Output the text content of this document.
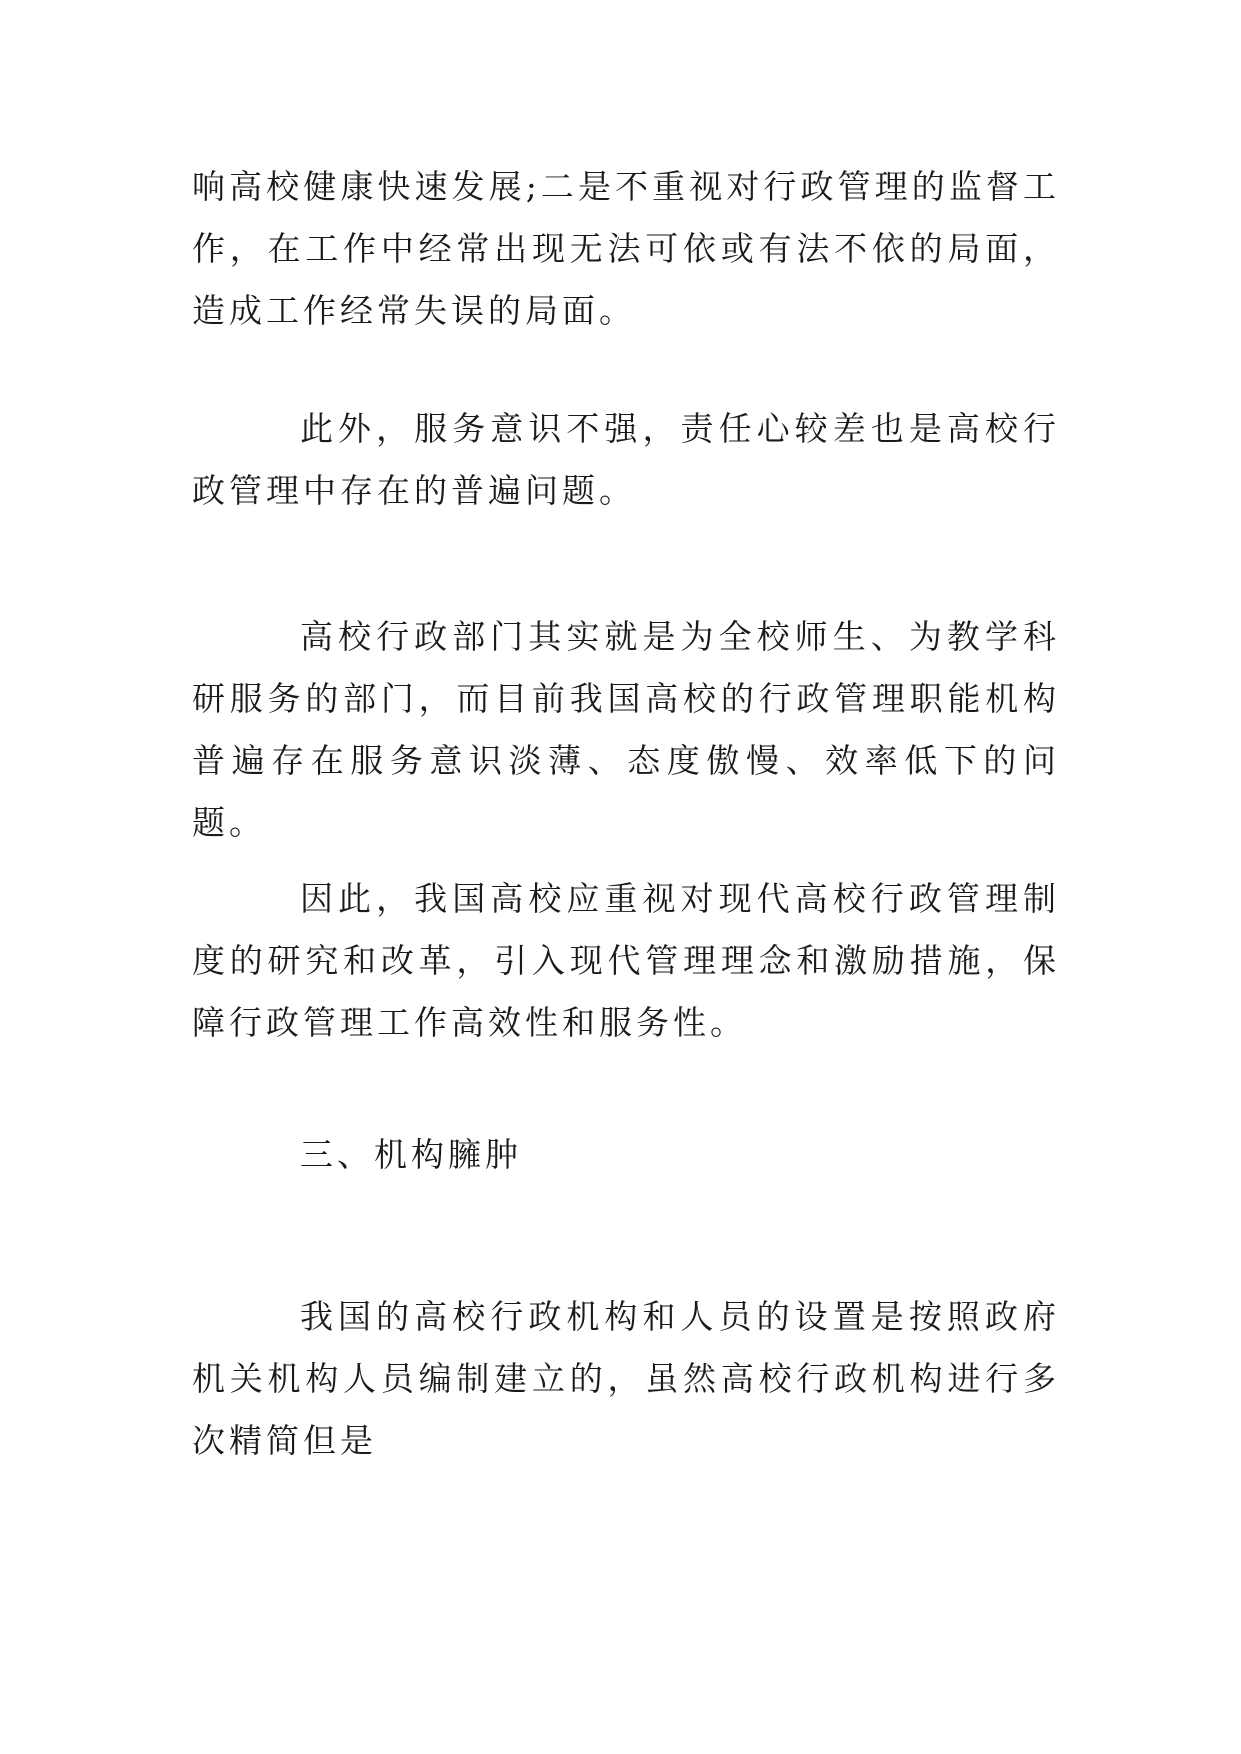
响高校健康快速发展;二是不重视对行政管理的监督工作，在工作中经常出现无法可依或有法不依的局面，造成工作经常失误的局面。

此外，服务意识不强，责任心较差也是高校行政管理中存在的普遍问题。

高校行政部门其实就是为全校师生、为教学科研服务的部门，而目前我国高校的行政管理职能机构普遍存在服务意识淡薄、态度傲慢、效率低下的问题。

因此，我国高校应重视对现代高校行政管理制度的研究和改革，引入现代管理理念和激励措施，保障行政管理工作高效性和服务性。

三、机构臃肿

我国的高校行政机构和人员的设置是按照政府机关机构人员编制建立的，虽然高校行政机构进行多次精简但是
